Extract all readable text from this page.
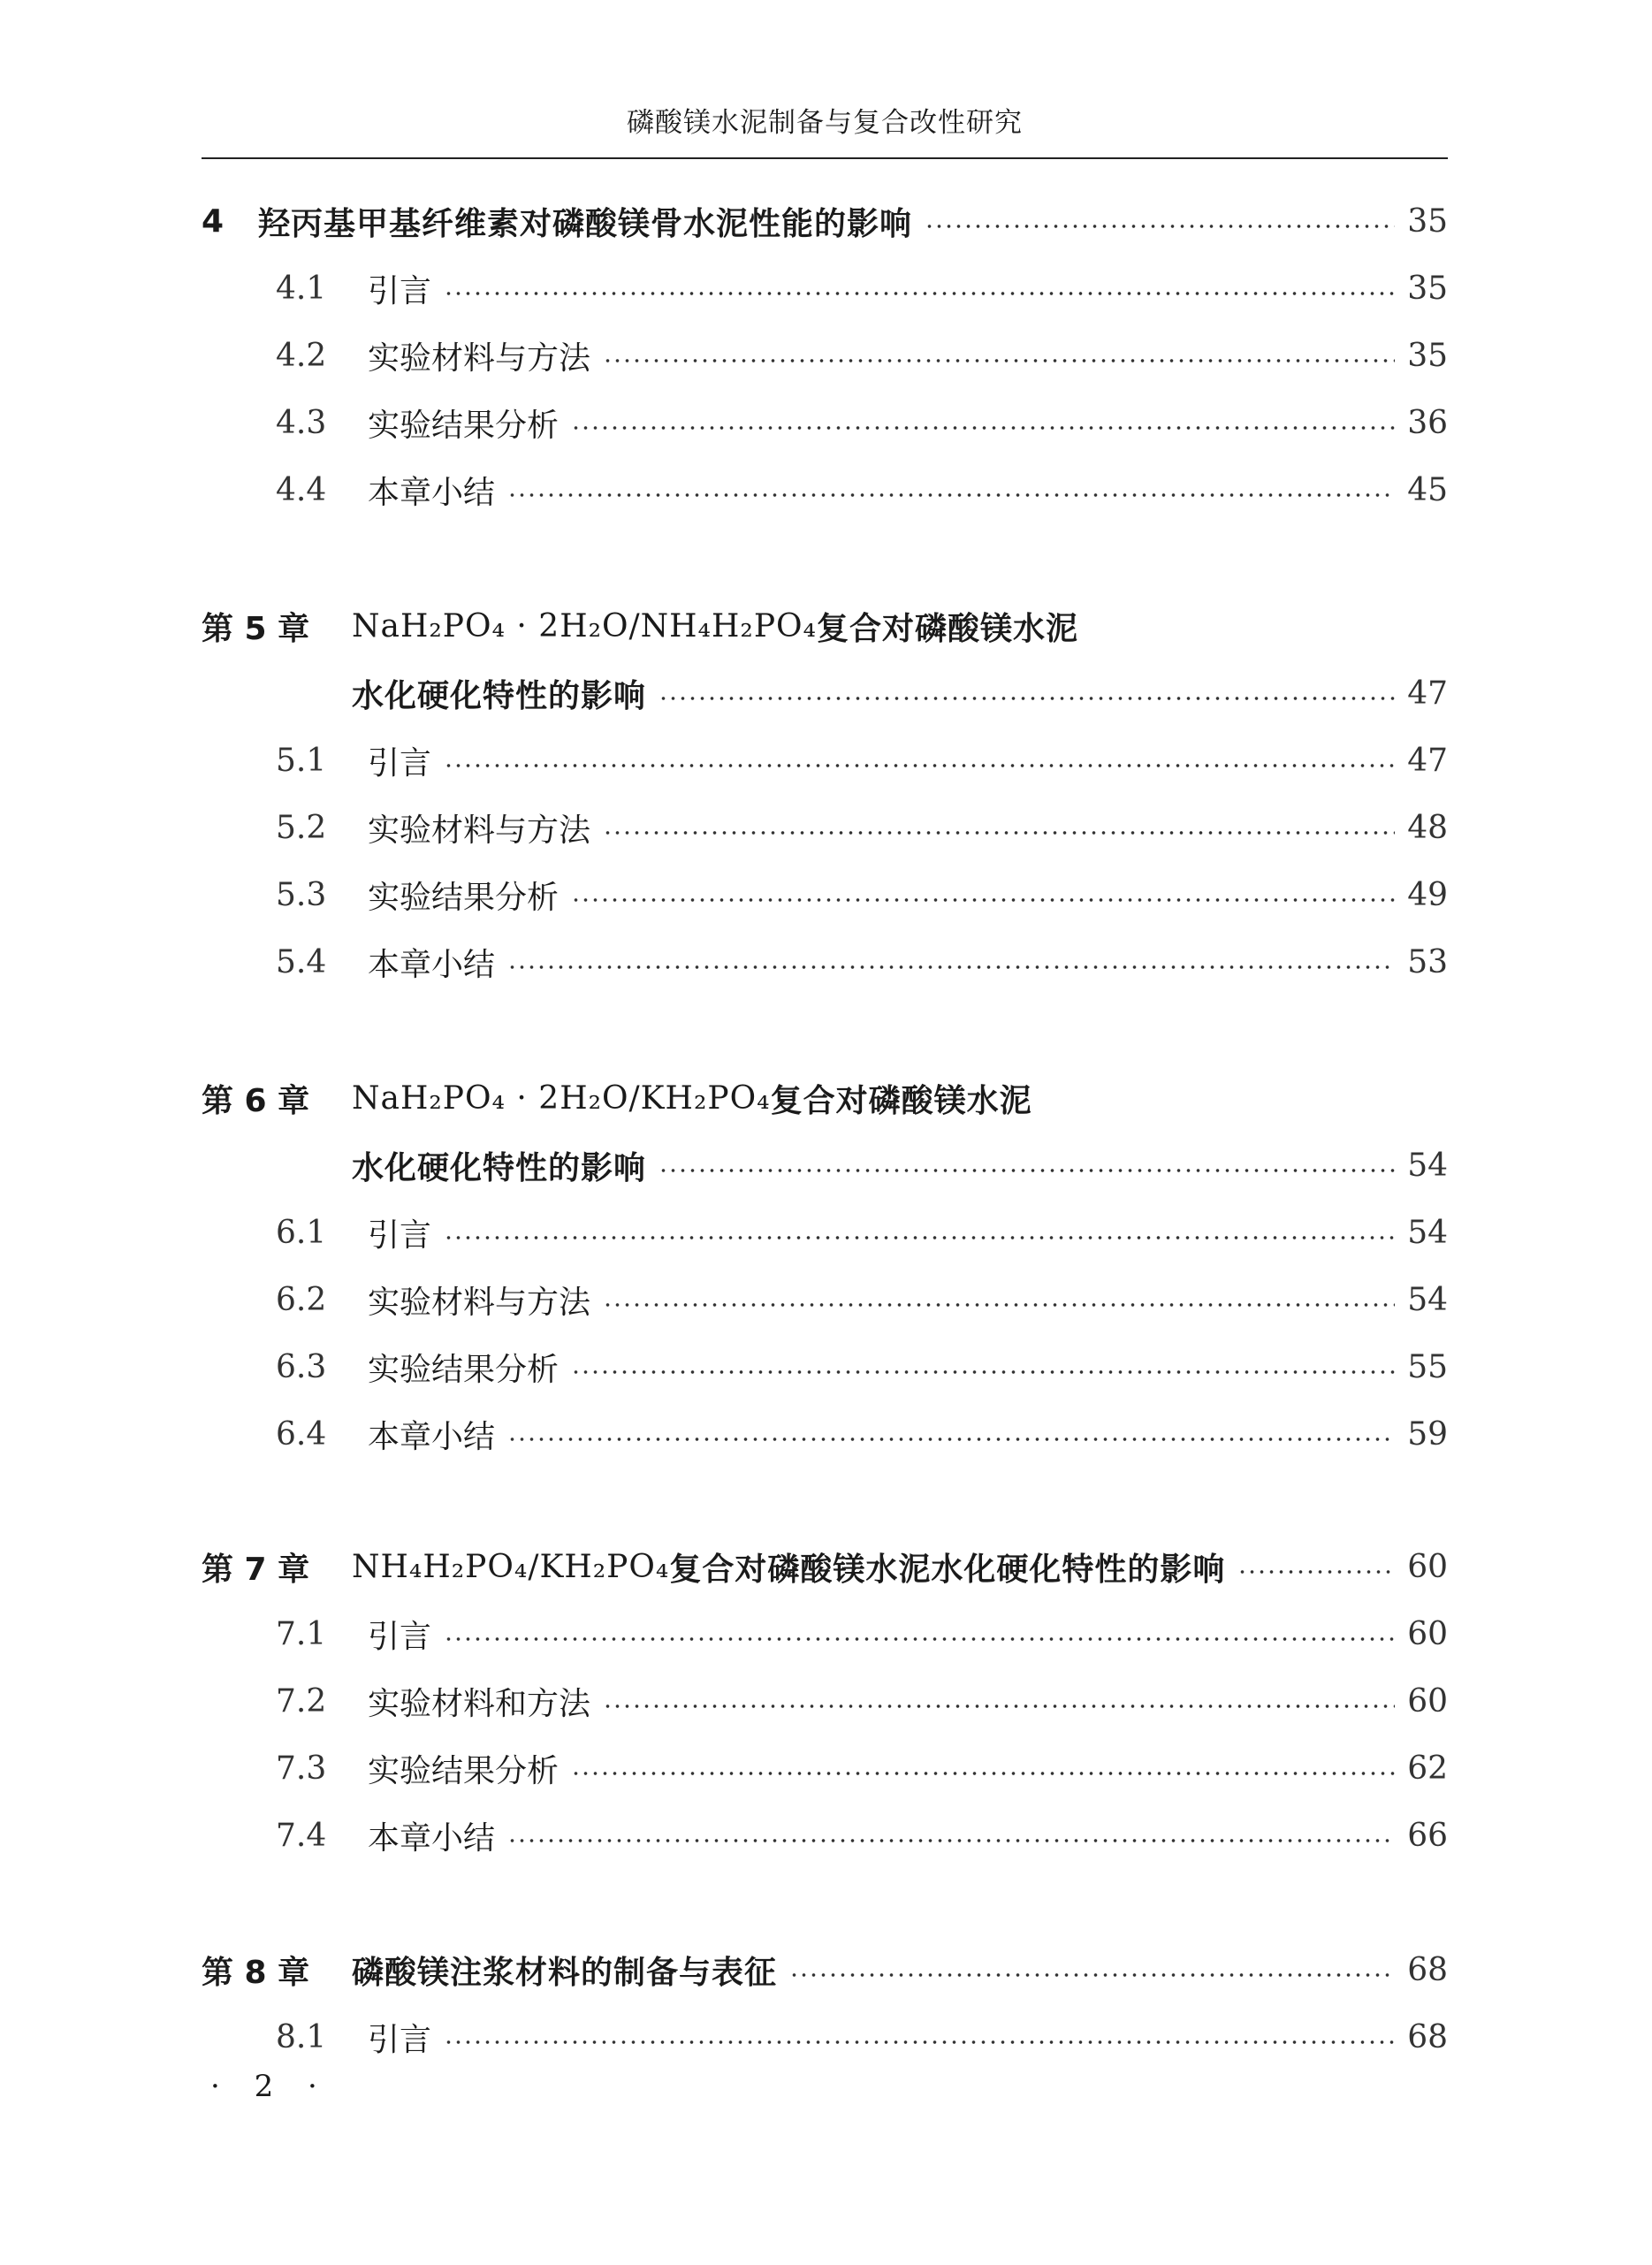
磷酸镁水泥制备与复合改性研究
4	羟丙基甲基纤维素对磷酸镁骨水泥性能的影响	35
4.1	引言	35
4.2	实验材料与方法	35
4.3	实验结果分析	36
4.4	本章小结	45
第 5 章	NaH₂PO₄ · 2H₂O/NH₄H₂PO₄ 复合对磷酸镁水泥
水化硬化特性的影响	47
5.1	引言	47
5.2	实验材料与方法	48
5.3	实验结果分析	49
5.4	本章小结	53
第 6 章	NaH₂PO₄ · 2H₂O/KH₂PO₄ 复合对磷酸镁水泥
水化硬化特性的影响	54
6.1	引言	54
6.2	实验材料与方法	54
6.3	实验结果分析	55
6.4	本章小结	59
第 7 章	NH₄H₂PO₄/KH₂PO₄ 复合对磷酸镁水泥水化硬化特性的影响	60
7.1	引言	60
7.2	实验材料和方法	60
7.3	实验结果分析	62
7.4	本章小结	66
第 8 章	磷酸镁注浆材料的制备与表征	68
8.1	引言	68
· 2 ·
